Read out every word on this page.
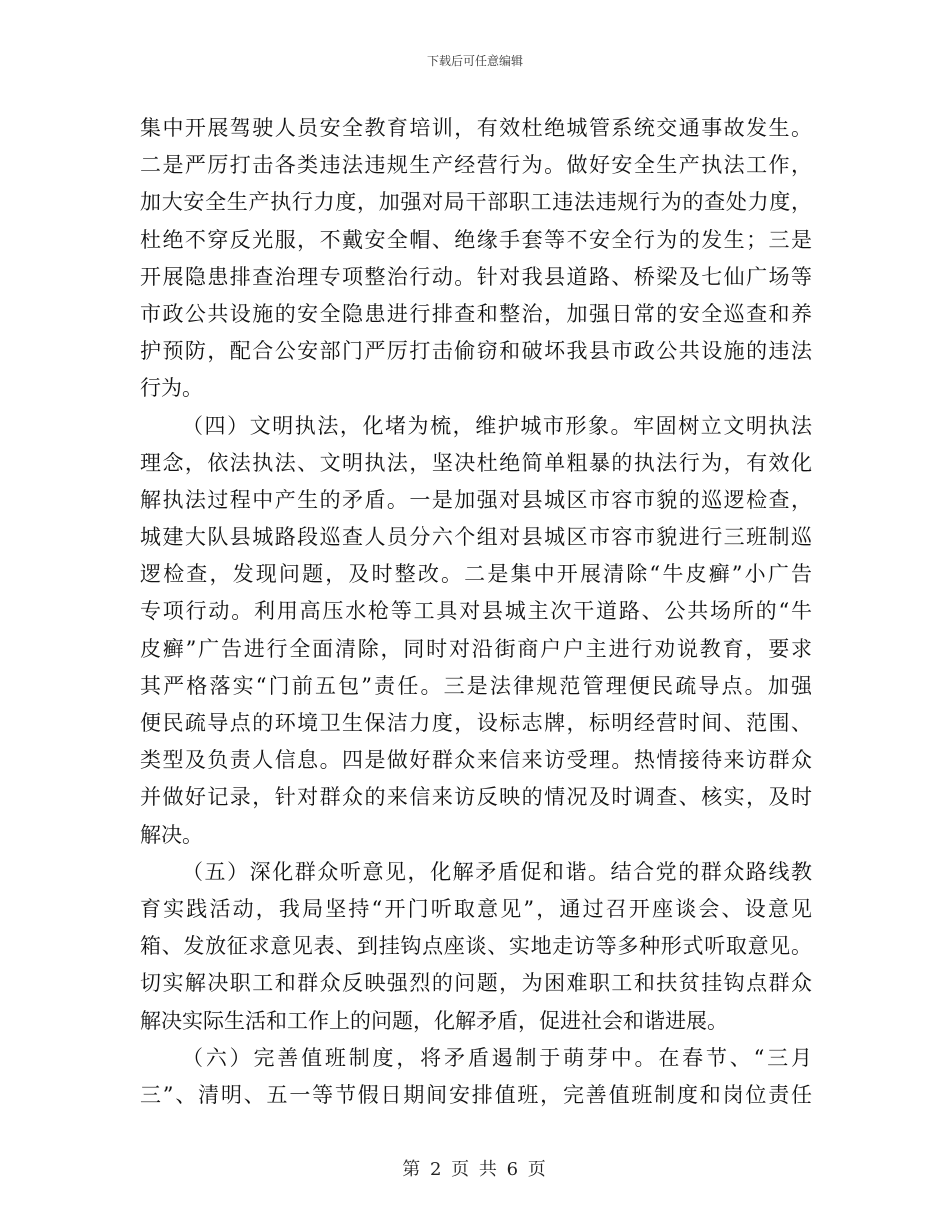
下载后可任意编辑
集中开展驾驶人员安全教育培训，有效杜绝城管系统交通事故发生。
二是严厉打击各类违法违规生产经营行为。做好安全生产执法工作，
加大安全生产执行力度，加强对局干部职工违法违规行为的查处力度，
杜绝不穿反光服，不戴安全帽、绝缘手套等不安全行为的发生；三是
开展隐患排查治理专项整治行动。针对我县道路、桥梁及七仙广场等
市政公共设施的安全隐患进行排查和整治，加强日常的安全巡查和养
护预防，配合公安部门严厉打击偷窃和破坏我县市政公共设施的违法
行为。
（四）文明执法，化堵为梳，维护城市形象。牢固树立文明执法
理念，依法执法、文明执法，坚决杜绝简单粗暴的执法行为，有效化
解执法过程中产生的矛盾。一是加强对县城区市容市貌的巡逻检查，
城建大队县城路段巡查人员分六个组对县城区市容市貌进行三班制巡
逻检查，发现问题，及时整改。二是集中开展清除“牛皮癣”小广告
专项行动。利用高压水枪等工具对县城主次干道路、公共场所的“牛
皮癣”广告进行全面清除，同时对沿街商户户主进行劝说教育，要求
其严格落实“门前五包”责任。三是法律规范管理便民疏导点。加强
便民疏导点的环境卫生保洁力度，设标志牌，标明经营时间、范围、
类型及负责人信息。四是做好群众来信来访受理。热情接待来访群众
并做好记录，针对群众的来信来访反映的情况及时调查、核实，及时
解决。
（五）深化群众听意见，化解矛盾促和谐。结合党的群众路线教
育实践活动，我局坚持“开门听取意见”，通过召开座谈会、设意见
箱、发放征求意见表、到挂钩点座谈、实地走访等多种形式听取意见。
切实解决职工和群众反映强烈的问题，为困难职工和扶贫挂钩点群众
解决实际生活和工作上的问题，化解矛盾，促进社会和谐进展。
（六）完善值班制度，将矛盾遏制于萌芽中。在春节、“三月
三”、清明、五一等节假日期间安排值班，完善值班制度和岗位责任
第 2 页 共 6 页
